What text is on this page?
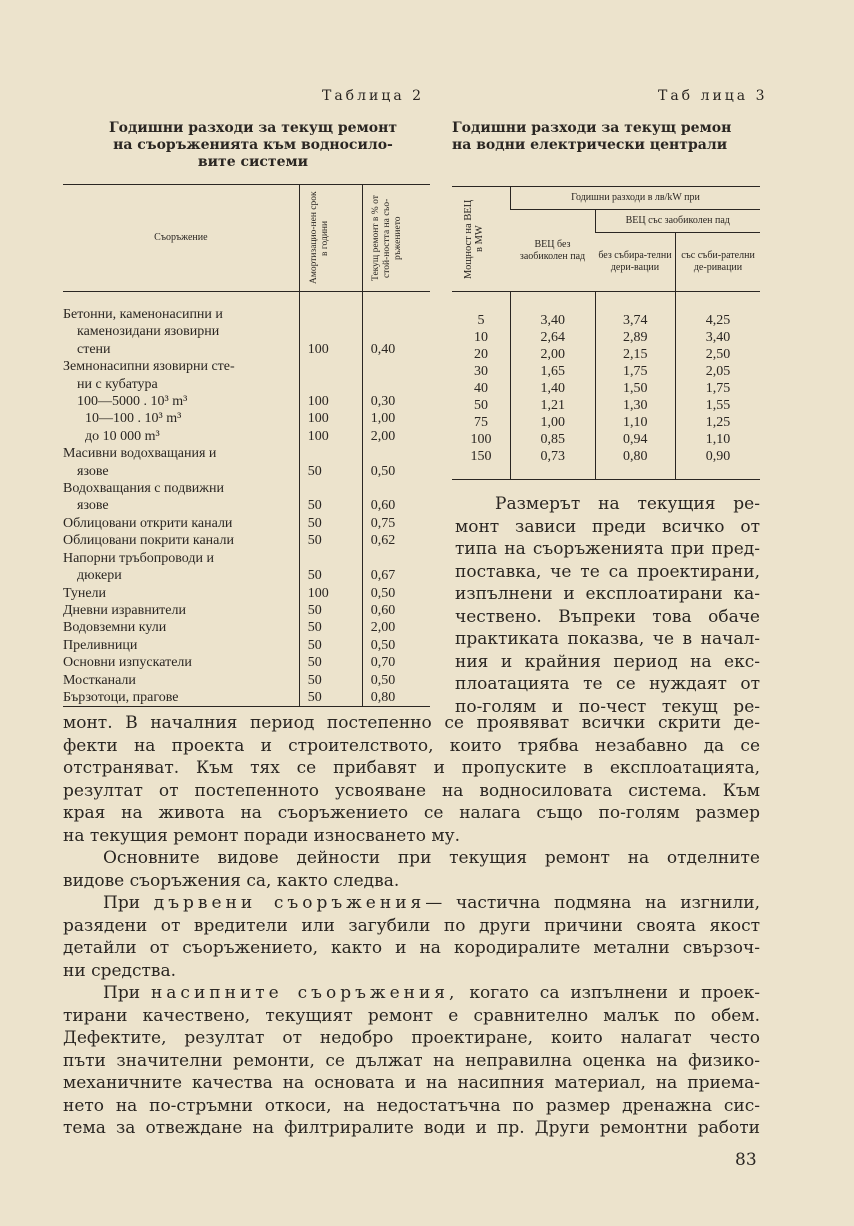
Таблица 2
Годишни разходи за текущ ремонт
на съоръженията към водносило-
вите системи
Таб лица 3
Годишни разходи за текущ ремон
на водни електрически централи
Съоръжение	Амортизацио-нен срок в години	Текущ ремонт в % от стой-ността на съо-ръжението

Бетонни, каменонасипни и
каменозидани язовирни
стени	100	0,40

Земнонасипни язовирни сте-
ни с кубатура
100—5000 . 10³ m³	100	0,30
10—100 . 10³ m³	100	1,00
до 10 000 m³	100	2,00

Масивни водохващания и
язове	50	0,50

Водохващания с подвижни
язове	50	0,60
Облицовани открити канали	50	0,75
Облицовани покрити канали	50	0,62

Напорни тръбопроводи и
дюкери	50	0,67
Тунели	100	0,50
Дневни изравнители	50	0,60
Водовземни кули	50	2,00
Преливници	50	0,50
Основни изпускатели	50	0,70
Мостканали	50	0,50
Бързотоци, прагове	50	0,80
Мощност на ВЕЦ в MW	Годишни разходи в лв/kW при		
	ВЕЦ без заобиколен пад	ВЕЦ със заобиколен пад	
		без събира-телни дери-вации	със съби-рателни де-ривации
5	3,40	3,74	4,25
10	2,64	2,89	3,40
20	2,00	2,15	2,50
30	1,65	1,75	2,05
40	1,40	1,50	1,75
50	1,21	1,30	1,55
75	1,00	1,10	1,25
100	0,85	0,94	1,10
150	0,73	0,80	0,90
Размерът на текущия ре-
монт зависи преди всичко от
типа на съоръженията при пред-
поставка, че те са проектирани,
изпълнени и експлоатирани ка-
чествено. Въпреки това обаче
практиката показва, че в начал-
ния и крайния период на екс-
плоатацията те се нуждаят от
по-голям и по-чест текущ ре-
монт. В началния период постепенно се проявяват всички скрити де-
фекти на проекта и строителството, които трябва незабавно да се
отстраняват. Към тях се прибавят и пропуските в експлоатацията,
резултат от постепенното усвояване на водносиловата система. Към
края на живота на съоръжението се налага също по-голям размер
на текущия ремонт поради износването му.
Основните видове дейности при текущия ремонт на отделните
видове съоръжения са, както следва.
При дървени съоръжения— частична подмяна на изгнили,
разядени от вредители или загубили по други причини своята якост
детайли от съоръжението, както и на кородиралите метални свързоч-
ни средства.
При насипните съоръжения, когато са изпълнени и проек-
тирани качествено, текущият ремонт е сравнително малък по обем.
Дефектите, резултат от недобро проектиране, които налагат често
пъти значителни ремонти, се дължат на неправилна оценка на физико-
механичните качества на основата и на насипния материал, на приема-
нето на по-стръмни откоси, на недостатъчна по размер дренажна сис-
тема за отвеждане на филтриралите води и пр. Други ремонтни работи
83
